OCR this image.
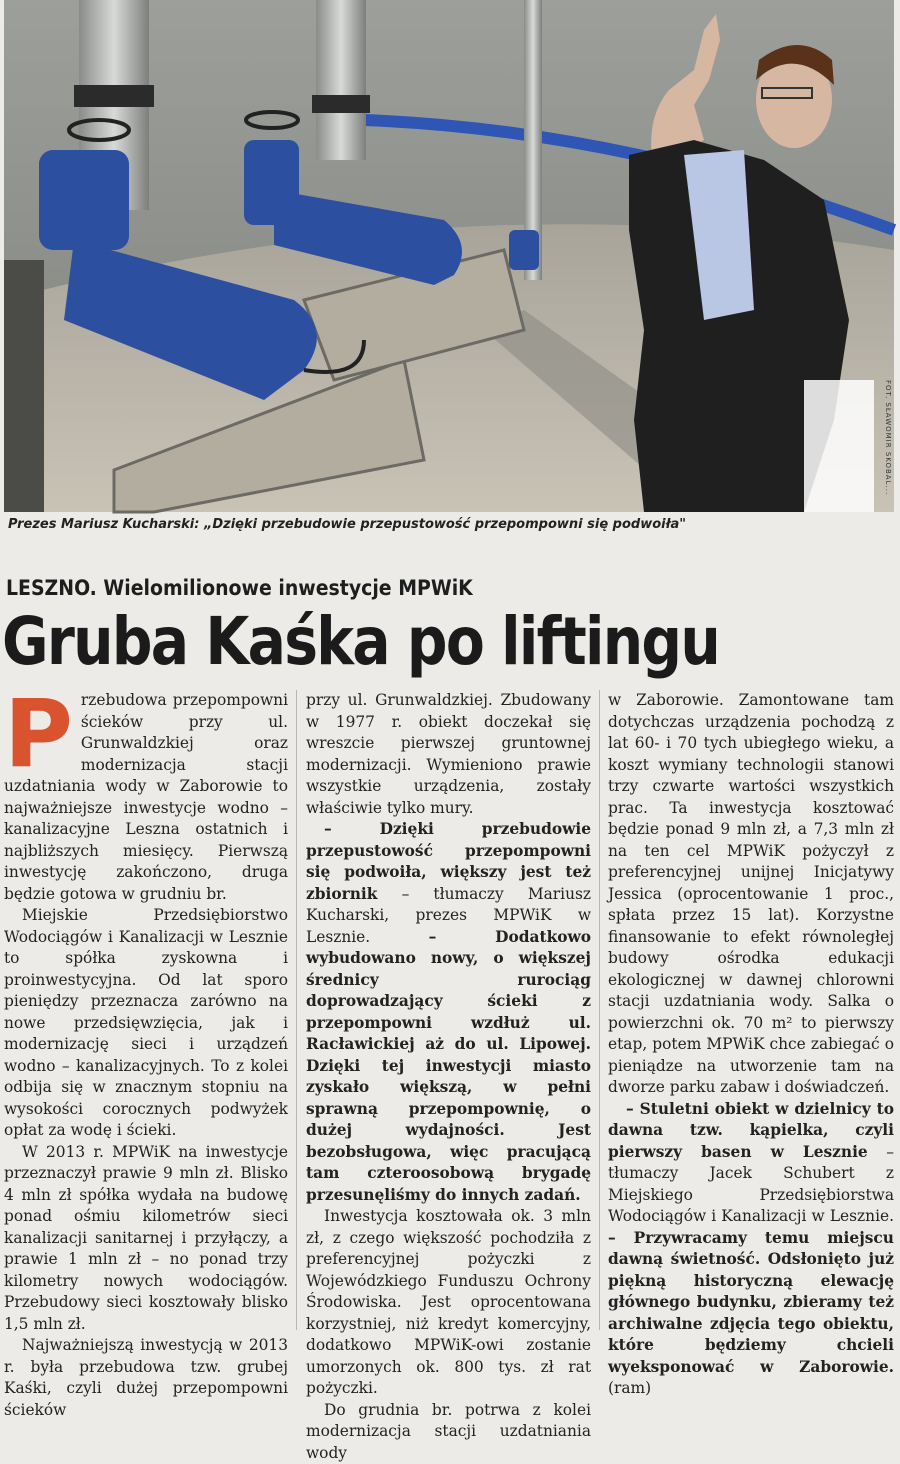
FOT. SŁAWOMIR SKOBAL...
Prezes Mariusz Kucharski: „Dzięki przebudowie przepustowość przepompowni się podwoiła"
LESZNO. Wielomilionowe inwestycje MPWiK
Gruba Kaśka po liftingu
P rzebudowa przepompowni ścieków przy ul. Grunwaldzkiej oraz modernizacja stacji uzdatniania wody w Zaborowie to najważniejsze inwestycje wodno – kanalizacyjne Leszna ostatnich i najbliższych miesięcy. Pierwszą inwestycję zakończono, druga będzie gotowa w grudniu br.

Miejskie Przedsiębiorstwo Wodociągów i Kanalizacji w Lesznie to spółka zyskowna i proinwestycyjna. Od lat sporo pieniędzy przeznacza zarówno na nowe przedsięwzięcia, jak i modernizację sieci i urządzeń wodno – kanalizacyjnych. To z kolei odbija się w znacznym stopniu na wysokości corocznych podwyżek opłat za wodę i ścieki.

W 2013 r. MPWiK na inwestycje przeznaczył prawie 9 mln zł. Blisko 4 mln zł spółka wydała na budowę ponad ośmiu kilometrów sieci kanalizacji sanitarnej i przyłączy, a prawie 1 mln zł – no ponad trzy kilometry nowych wodociągów. Przebudowy sieci kosztowały blisko 1,5 mln zł.

Najważniejszą inwestycją w 2013 r. była przebudowa tzw. grubej Kaśki, czyli dużej przepompowni ścieków

przy ul. Grunwaldzkiej. Zbudowany w 1977 r. obiekt doczekał się wreszcie pierwszej gruntownej modernizacji. Wymieniono prawie wszystkie urządzenia, zostały właściwie tylko mury.

– Dzięki przebudowie przepustowość przepompowni się podwoiła, większy jest też zbiornik – tłumaczy Mariusz Kucharski, prezes MPWiK w Lesznie. – Dodatkowo wybudowano nowy, o większej średnicy rurociąg doprowadzający ścieki z przepompowni wzdłuż ul. Racławickiej aż do ul. Lipowej. Dzięki tej inwestycji miasto zyskało większą, w pełni sprawną przepompownię, o dużej wydajności. Jest bezobsługowa, więc pracującą tam czteroosobową brygadę przesunęliśmy do innych zadań.

Inwestycja kosztowała ok. 3 mln zł, z czego większość pochodziła z preferencyjnej pożyczki z Wojewódzkiego Funduszu Ochrony Środowiska. Jest oprocentowana korzystniej, niż kredyt komercyjny, dodatkowo MPWiK-owi zostanie umorzonych ok. 800 tys. zł rat pożyczki.

Do grudnia br. potrwa z kolei modernizacja stacji uzdatniania wody

w Zaborowie. Zamontowane tam dotychczas urządzenia pochodzą z lat 60- i 70 tych ubiegłego wieku, a koszt wymiany technologii stanowi trzy czwarte wartości wszystkich prac. Ta inwestycja kosztować będzie ponad 9 mln zł, a 7,3 mln zł na ten cel MPWiK pożyczył z preferencyjnej unijnej Inicjatywy Jessica (oprocentowanie 1 proc., spłata przez 15 lat). Korzystne finansowanie to efekt równoległej budowy ośrodka edukacji ekologicznej w dawnej chlorowni stacji uzdatniania wody. Salka o powierzchni ok. 70 m² to pierwszy etap, potem MPWiK chce zabiegać o pieniądze na utworzenie tam na dworze parku zabaw i doświadczeń.

– Stuletni obiekt w dzielnicy to dawna tzw. kąpielka, czyli pierwszy basen w Lesznie – tłumaczy Jacek Schubert z Miejskiego Przedsiębiorstwa Wodociągów i Kanalizacji w Lesznie. – Przywracamy temu miejscu dawną świetność. Odsłonięto już piękną historyczną elewację głównego budynku, zbieramy też archiwalne zdjęcia tego obiektu, które będziemy chcieli wyeksponować w Zaborowie. (ram)
